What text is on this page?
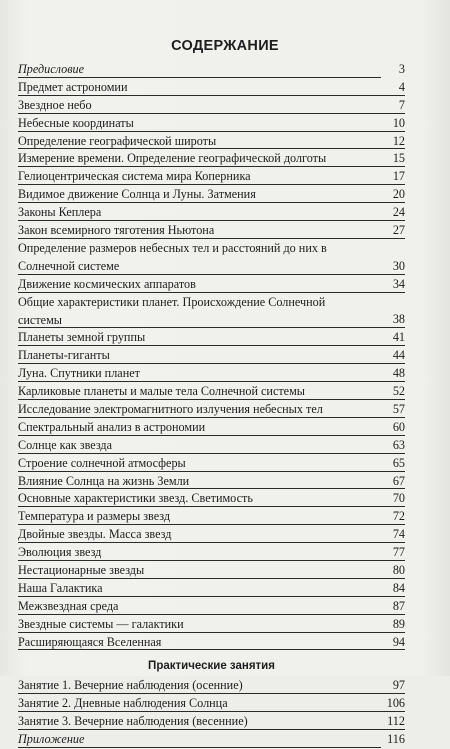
СОДЕРЖАНИЕ
Предисловие	3
Предмет астрономии	4
Звездное небо	7
Небесные координаты	10
Определение географической широты	12
Измерение времени. Определение географической долготы	15
Гелиоцентрическая система мира Коперника	17
Видимое движение Солнца и Луны. Затмения	20
Законы Кеплера	24
Закон всемирного тяготения Ньютона	27
Определение размеров небесных тел и расстояний до них в Солнечной системе	30
Движение космических аппаратов	34
Общие характеристики планет. Происхождение Солнечной системы	38
Планеты земной группы	41
Планеты-гиганты	44
Луна. Спутники планет	48
Карликовые планеты и малые тела Солнечной системы	52
Исследование электромагнитного излучения небесных тел	57
Спектральный анализ в астрономии	60
Солнце как звезда	63
Строение солнечной атмосферы	65
Влияние Солнца на жизнь Земли	67
Основные характеристики звезд. Светимость	70
Температура и размеры звезд	72
Двойные звезды. Масса звезд	74
Эволюция звезд	77
Нестационарные звезды	80
Наша Галактика	84
Межзвездная среда	87
Звездные системы — галактики	89
Расширяющаяся Вселенная	94
Практические занятия
Занятие 1. Вечерние наблюдения (осенние)	97
Занятие 2. Дневные наблюдения Солнца	106
Занятие 3. Вечерние наблюдения (весенние)	112
Приложение	116
